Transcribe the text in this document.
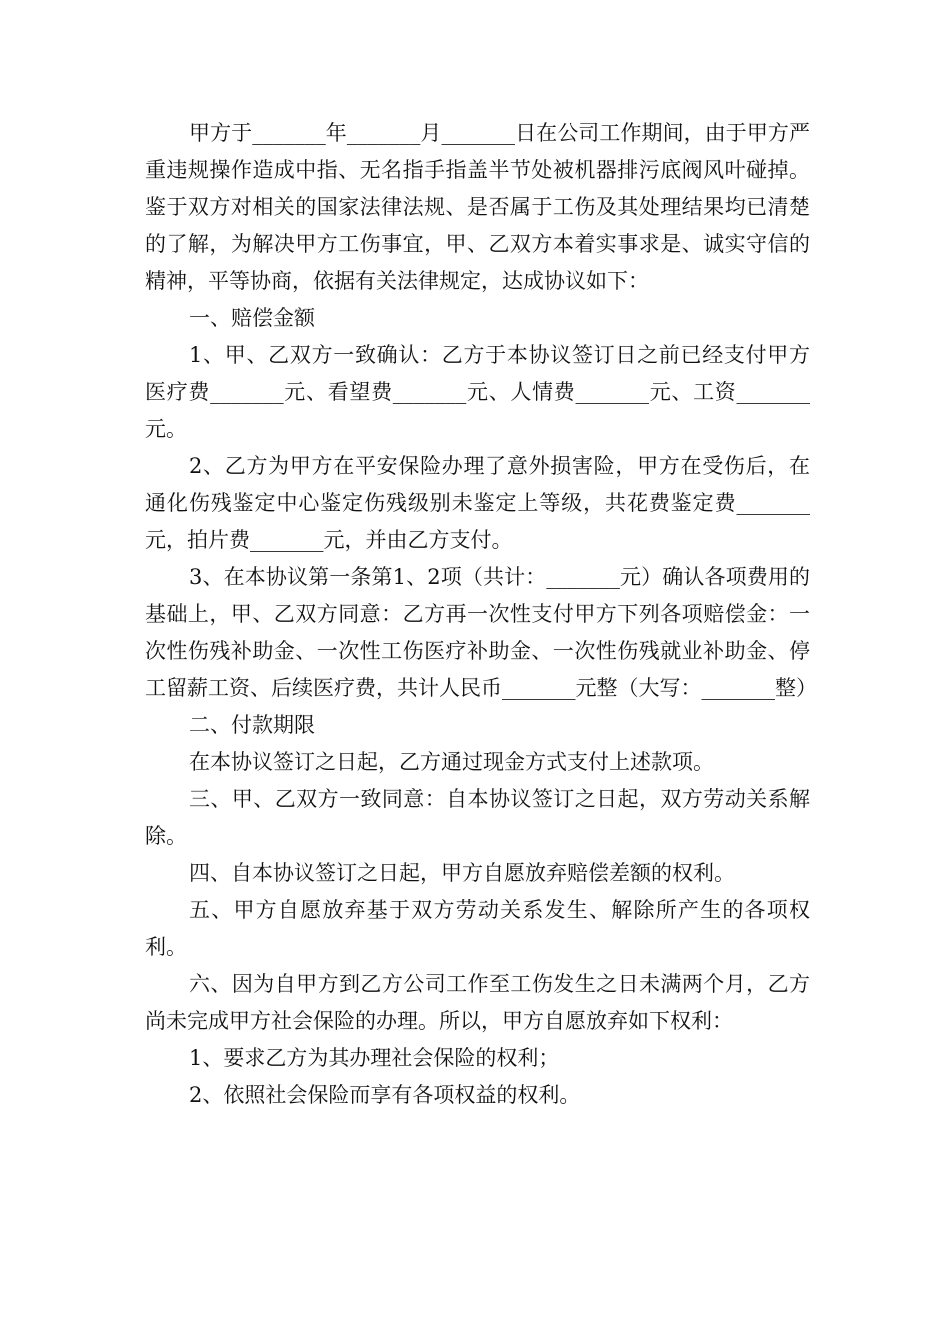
甲方于_______年_______月_______日在公司工作期间，由于甲方严重违规操作造成中指、无名指手指盖半节处被机器排污底阀风叶碰掉。鉴于双方对相关的国家法律法规、是否属于工伤及其处理结果均已清楚的了解，为解决甲方工伤事宜，甲、乙双方本着实事求是、诚实守信的精神，平等协商，依据有关法律规定，达成协议如下：

一、赔偿金额

1、甲、乙双方一致确认：乙方于本协议签订日之前已经支付甲方医疗费_______元、看望费_______元、人情费_______元、工资_______元。

2、乙方为甲方在平安保险办理了意外损害险，甲方在受伤后，在通化伤残鉴定中心鉴定伤残级别未鉴定上等级，共花费鉴定费_______元，拍片费_______元，并由乙方支付。

3、在本协议第一条第1、2项（共计：_______元）确认各项费用的基础上，甲、乙双方同意：乙方再一次性支付甲方下列各项赔偿金：一次性伤残补助金、一次性工伤医疗补助金、一次性伤残就业补助金、停工留薪工资、后续医疗费，共计人民币_______元整（大写：_______整）

二、付款期限

在本协议签订之日起，乙方通过现金方式支付上述款项。

三、甲、乙双方一致同意：自本协议签订之日起，双方劳动关系解除。

四、自本协议签订之日起，甲方自愿放弃赔偿差额的权利。

五、甲方自愿放弃基于双方劳动关系发生、解除所产生的各项权利。

六、因为自甲方到乙方公司工作至工伤发生之日未满两个月，乙方尚未完成甲方社会保险的办理。所以，甲方自愿放弃如下权利：

1、要求乙方为其办理社会保险的权利；

2、依照社会保险而享有各项权益的权利。
